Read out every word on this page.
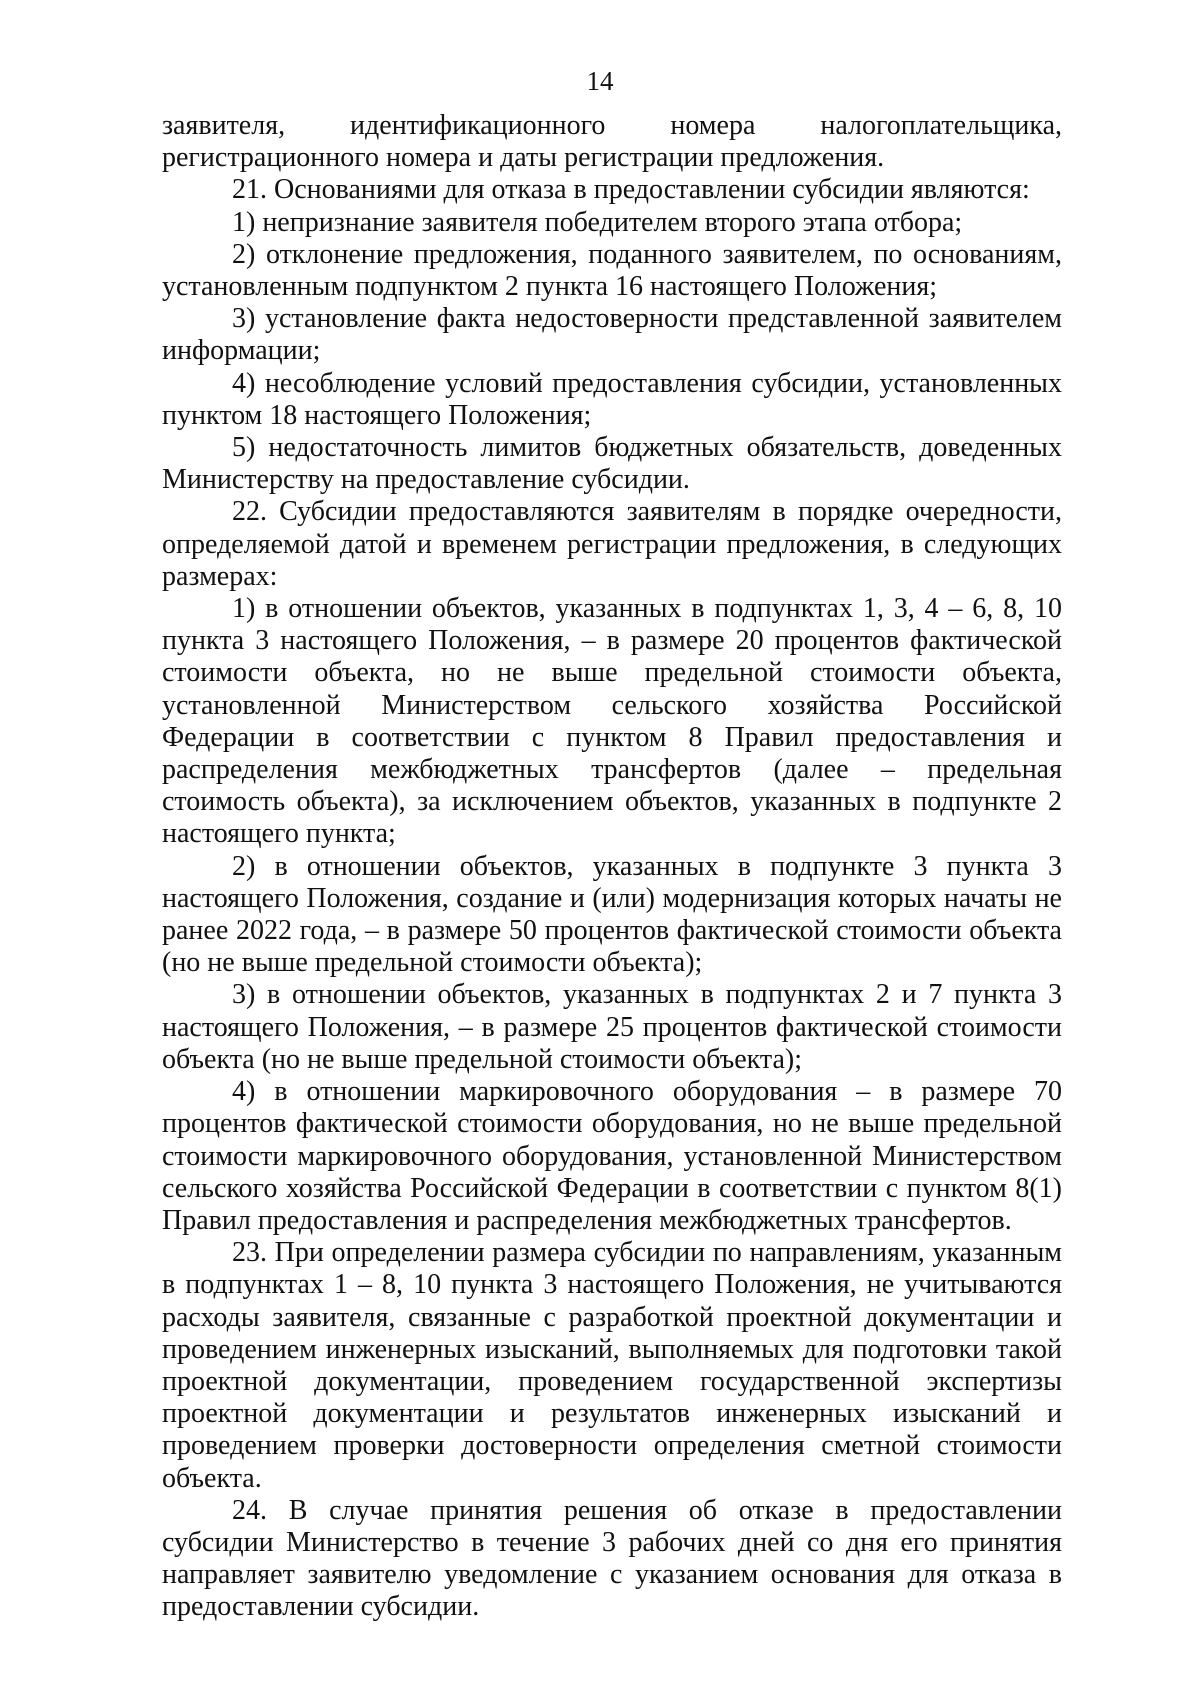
14

заявителя, идентификационного номера налогоплательщика, регистрационного номера и даты регистрации предложения.

21. Основаниями для отказа в предоставлении субсидии являются:

1) непризнание заявителя победителем второго этапа отбора;

2) отклонение предложения, поданного заявителем, по основаниям, установленным подпунктом 2 пункта 16 настоящего Положения;

3) установление факта недостоверности представленной заявителем информации;

4) несоблюдение условий предоставления субсидии, установленных пунктом 18 настоящего Положения;

5) недостаточность лимитов бюджетных обязательств, доведенных Министерству на предоставление субсидии.

22. Субсидии предоставляются заявителям в порядке очередности, определяемой датой и временем регистрации предложения, в следующих размерах:

1) в отношении объектов, указанных в подпунктах 1, 3, 4 – 6, 8, 10 пункта 3 настоящего Положения, – в размере 20 процентов фактической стоимости объекта, но не выше предельной стоимости объекта, установленной Министерством сельского хозяйства Российской Федерации в соответствии с пунктом 8 Правил предоставления и распределения межбюджетных трансфертов (далее – предельная стоимость объекта), за исключением объектов, указанных в подпункте 2 настоящего пункта;

2) в отношении объектов, указанных в подпункте 3 пункта 3 настоящего Положения, создание и (или) модернизация которых начаты не ранее 2022 года, – в размере 50 процентов фактической стоимости объекта (но не выше предельной стоимости объекта);

3) в отношении объектов, указанных в подпунктах 2 и 7 пункта 3 настоящего Положения, – в размере 25 процентов фактической стоимости объекта (но не выше предельной стоимости объекта);

4) в отношении маркировочного оборудования – в размере 70 процентов фактической стоимости оборудования, но не выше предельной стоимости маркировочного оборудования, установленной Министерством сельского хозяйства Российской Федерации в соответствии с пунктом 8(1) Правил предоставления и распределения межбюджетных трансфертов.

23. При определении размера субсидии по направлениям, указанным в подпунктах 1 – 8, 10 пункта 3 настоящего Положения, не учитываются расходы заявителя, связанные с разработкой проектной документации и проведением инженерных изысканий, выполняемых для подготовки такой проектной документации, проведением государственной экспертизы проектной документации и результатов инженерных изысканий и проведением проверки достоверности определения сметной стоимости объекта.

24. В случае принятия решения об отказе в предоставлении субсидии Министерство в течение 3 рабочих дней со дня его принятия направляет заявителю уведомление с указанием основания для отказа в предоставлении субсидии.
